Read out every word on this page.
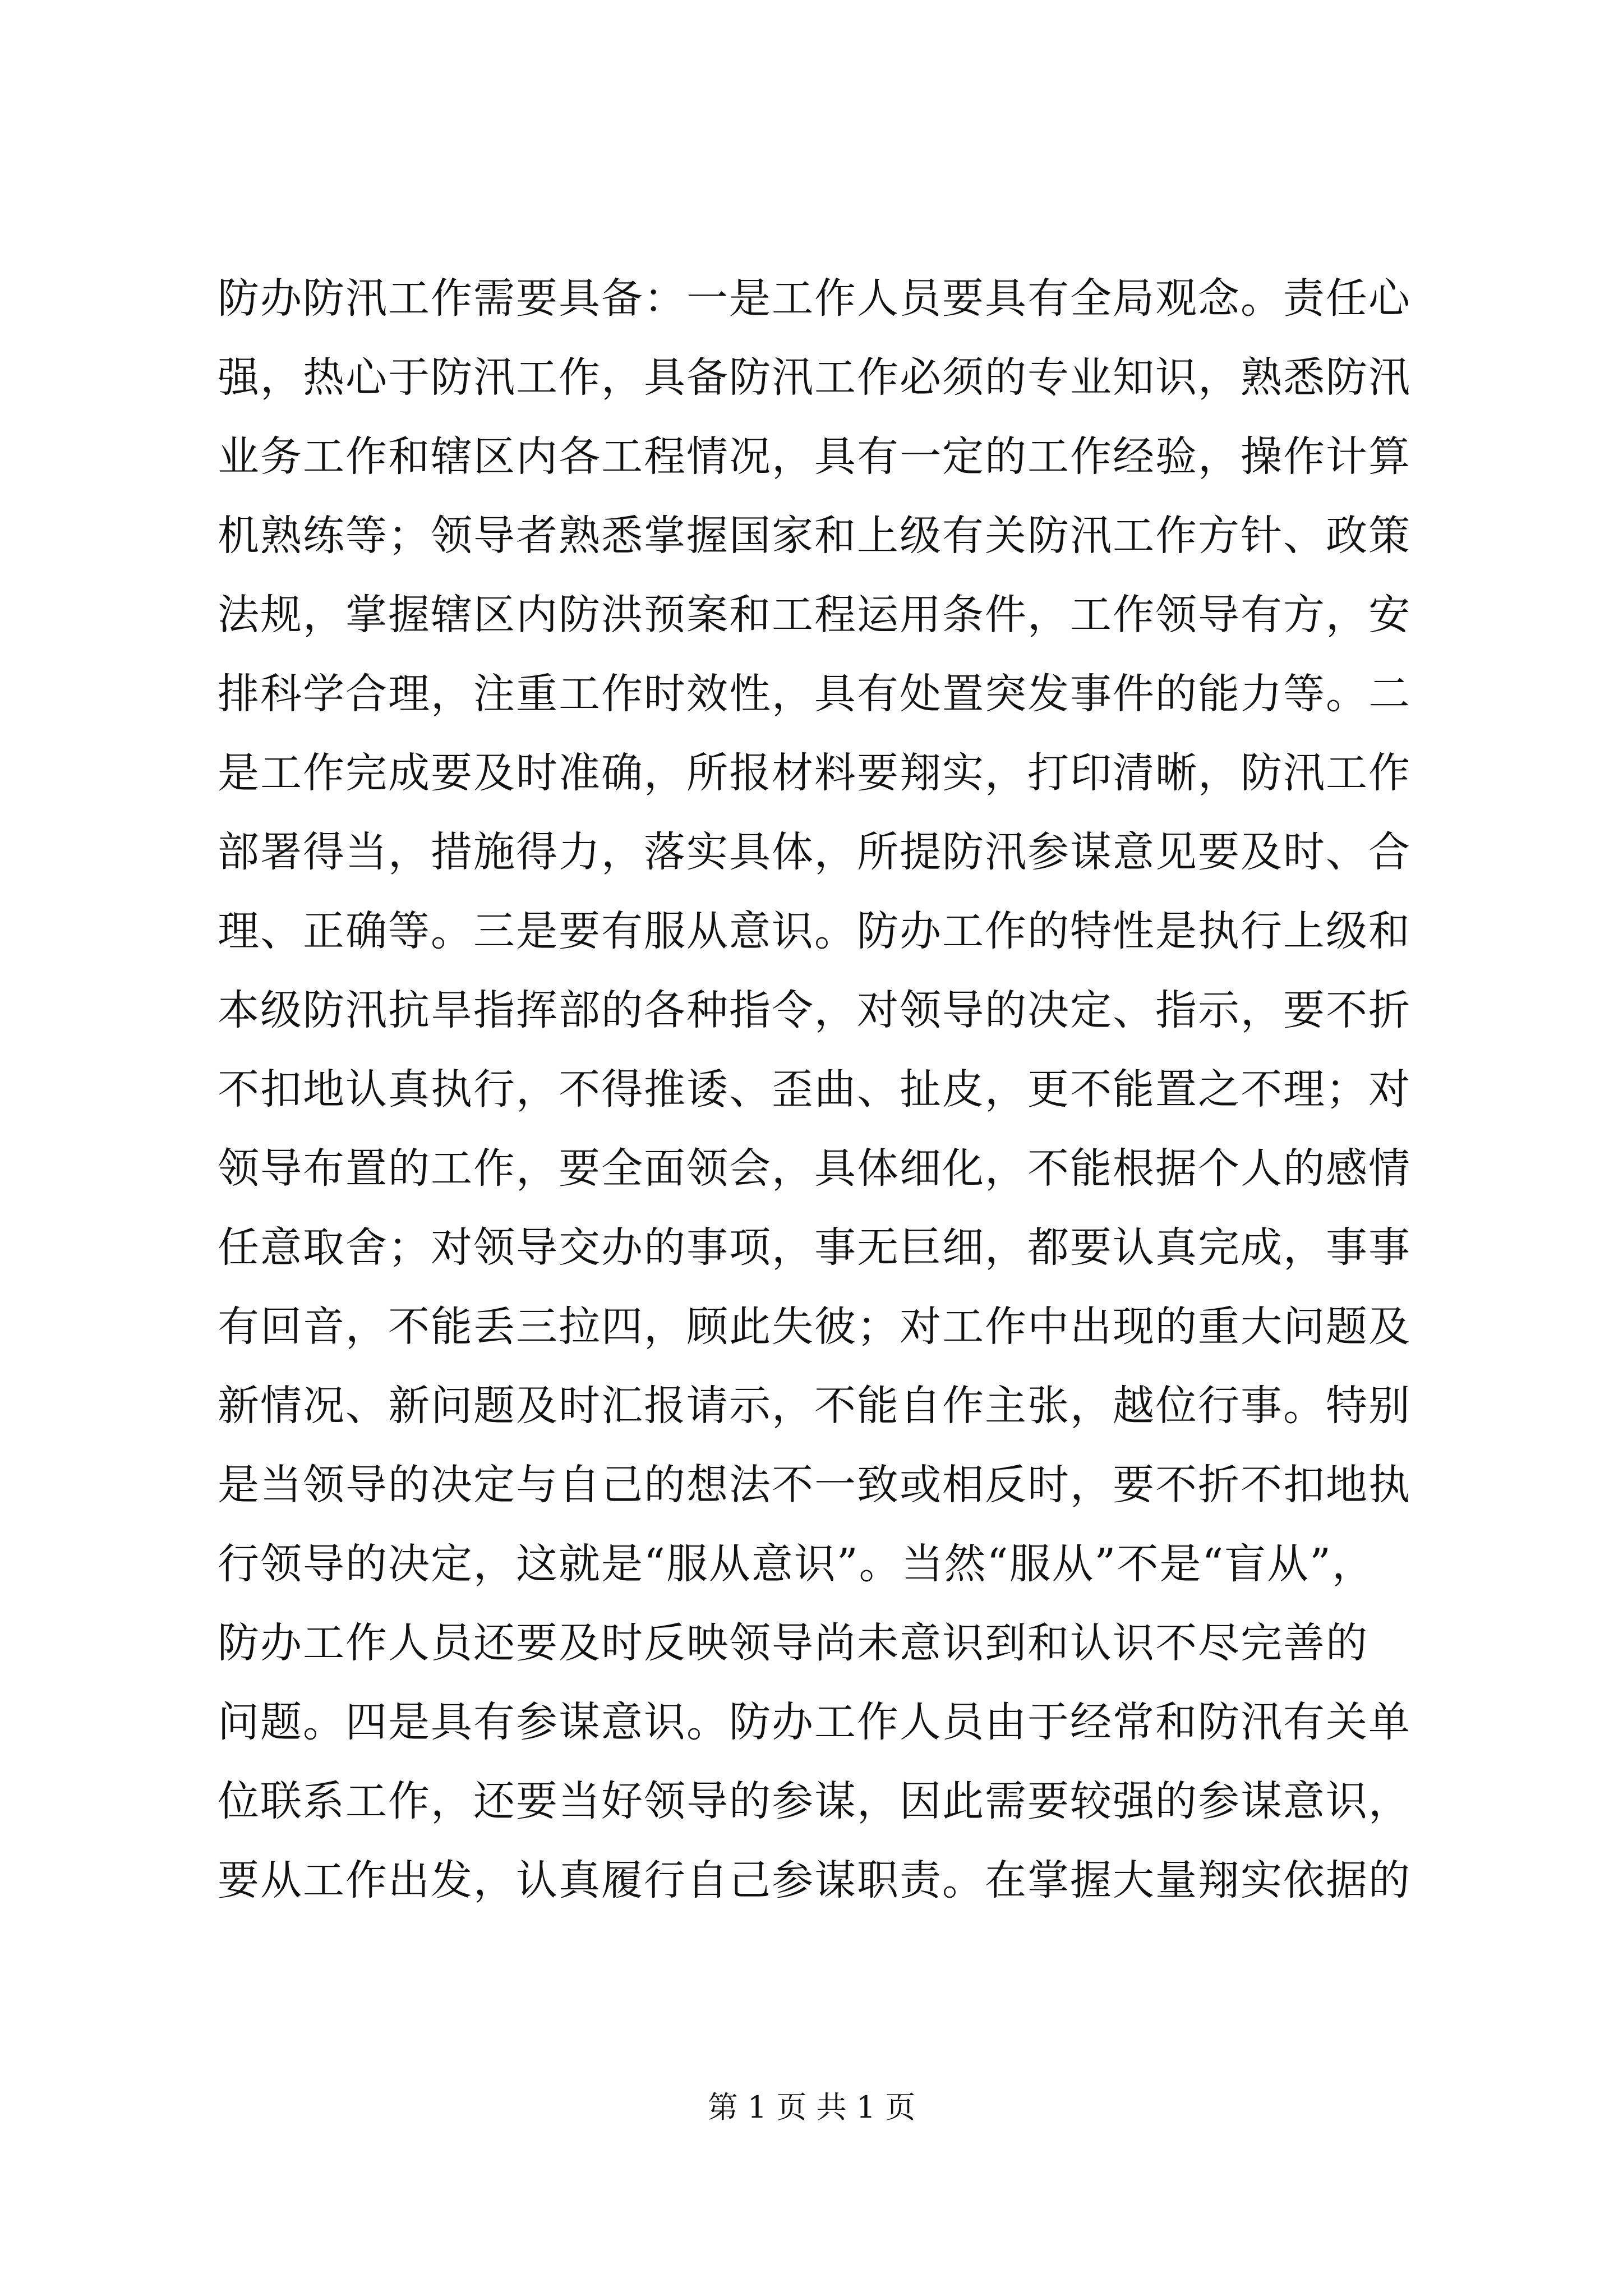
防办防汛工作需要具备：一是工作人员要具有全局观念。责任心
强，热心于防汛工作，具备防汛工作必须的专业知识，熟悉防汛
业务工作和辖区内各工程情况，具有一定的工作经验，操作计算
机熟练等；领导者熟悉掌握国家和上级有关防汛工作方针、政策
法规，掌握辖区内防洪预案和工程运用条件，工作领导有方，安
排科学合理，注重工作时效性，具有处置突发事件的能力等。二
是工作完成要及时准确，所报材料要翔实，打印清晰，防汛工作
部署得当，措施得力，落实具体，所提防汛参谋意见要及时、合
理、正确等。三是要有服从意识。防办工作的特性是执行上级和
本级防汛抗旱指挥部的各种指令，对领导的决定、指示，要不折
不扣地认真执行，不得推诿、歪曲、扯皮，更不能置之不理；对
领导布置的工作，要全面领会，具体细化，不能根据个人的感情
任意取舍；对领导交办的事项，事无巨细，都要认真完成，事事
有回音，不能丢三拉四，顾此失彼；对工作中出现的重大问题及
新情况、新问题及时汇报请示，不能自作主张，越位行事。特别
是当领导的决定与自己的想法不一致或相反时，要不折不扣地执
行领导的决定，这就是“服从意识”。当然“服从”不是“盲从”，
防办工作人员还要及时反映领导尚未意识到和认识不尽完善的
问题。四是具有参谋意识。防办工作人员由于经常和防汛有关单
位联系工作，还要当好领导的参谋，因此需要较强的参谋意识，
要从工作出发，认真履行自己参谋职责。在掌握大量翔实依据的
第 1 页 共 1 页
